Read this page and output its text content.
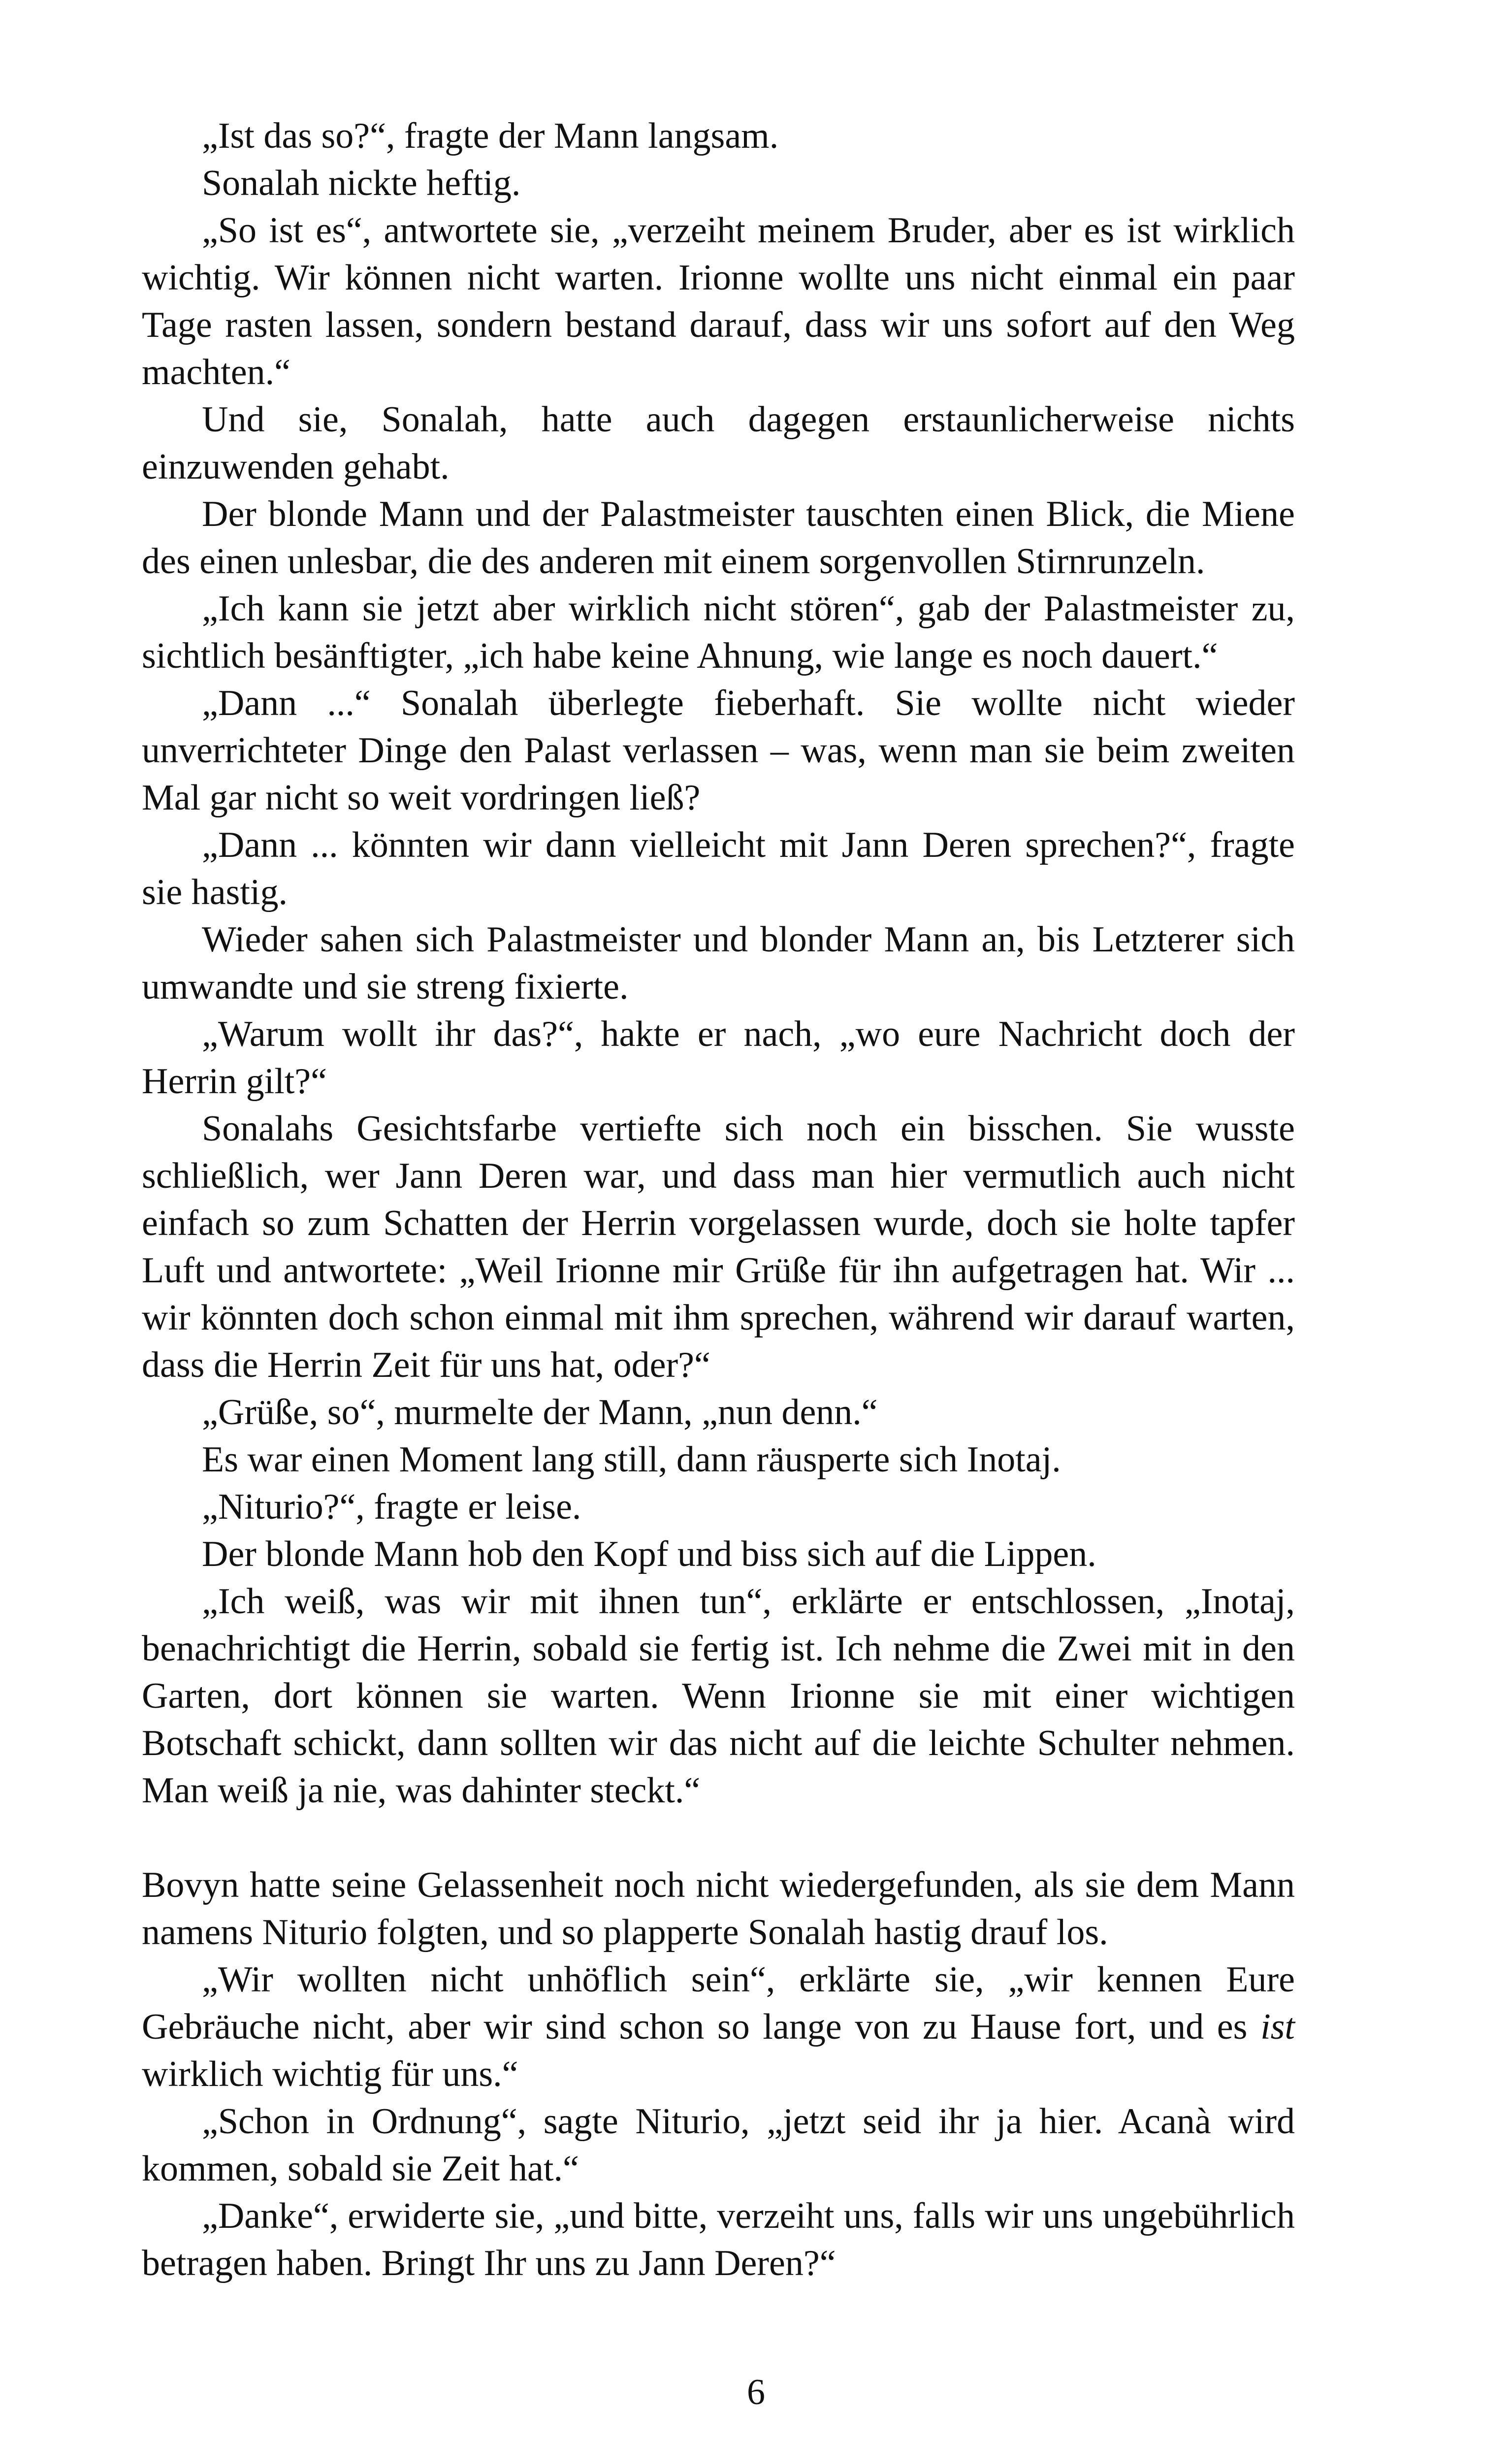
„Ist das so?“, fragte der Mann langsam.

Sonalah nickte heftig.

„So ist es“, antwortete sie, „verzeiht meinem Bruder, aber es ist wirklich wichtig. Wir können nicht warten. Irionne wollte uns nicht einmal ein paar Tage rasten lassen, sondern bestand darauf, dass wir uns sofort auf den Weg machten.“

Und sie, Sonalah, hatte auch dagegen erstaunlicherweise nichts einzuwenden gehabt.

Der blonde Mann und der Palastmeister tauschten einen Blick, die Miene des einen unlesbar, die des anderen mit einem sorgenvollen Stirnrunzeln.

„Ich kann sie jetzt aber wirklich nicht stören“, gab der Palastmeister zu, sichtlich besänftigter, „ich habe keine Ahnung, wie lange es noch dauert.“

„Dann ...“ Sonalah überlegte fieberhaft. Sie wollte nicht wieder unverrichteter Dinge den Palast verlassen – was, wenn man sie beim zweiten Mal gar nicht so weit vordringen ließ?

„Dann ... könnten wir dann vielleicht mit Jann Deren sprechen?“, fragte sie hastig.

Wieder sahen sich Palastmeister und blonder Mann an, bis Letzterer sich umwandte und sie streng fixierte.

„Warum wollt ihr das?“, hakte er nach, „wo eure Nachricht doch der Herrin gilt?“

Sonalahs Gesichtsfarbe vertiefte sich noch ein bisschen. Sie wusste schließlich, wer Jann Deren war, und dass man hier vermutlich auch nicht einfach so zum Schatten der Herrin vorgelassen wurde, doch sie holte tapfer Luft und antwortete: „Weil Irionne mir Grüße für ihn aufgetragen hat. Wir ... wir könnten doch schon einmal mit ihm sprechen, während wir darauf warten, dass die Herrin Zeit für uns hat, oder?“

„Grüße, so“, murmelte der Mann, „nun denn.“

Es war einen Moment lang still, dann räusperte sich Inotaj.

„Niturio?“, fragte er leise.

Der blonde Mann hob den Kopf und biss sich auf die Lippen.

„Ich weiß, was wir mit ihnen tun“, erklärte er entschlossen, „Inotaj, benachrichtigt die Herrin, sobald sie fertig ist. Ich nehme die Zwei mit in den Garten, dort können sie warten. Wenn Irionne sie mit einer wichtigen Botschaft schickt, dann sollten wir das nicht auf die leichte Schulter nehmen. Man weiß ja nie, was dahinter steckt.“

Bovyn hatte seine Gelassenheit noch nicht wiedergefunden, als sie dem Mann namens Niturio folgten, und so plapperte Sonalah hastig drauf los.

„Wir wollten nicht unhöflich sein“, erklärte sie, „wir kennen Eure Gebräuche nicht, aber wir sind schon so lange von zu Hause fort, und es ist wirklich wichtig für uns.“

„Schon in Ordnung“, sagte Niturio, „jetzt seid ihr ja hier. Acanà wird kommen, sobald sie Zeit hat.“

„Danke“, erwiderte sie, „und bitte, verzeiht uns, falls wir uns ungebührlich betragen haben. Bringt Ihr uns zu Jann Deren?“

6
